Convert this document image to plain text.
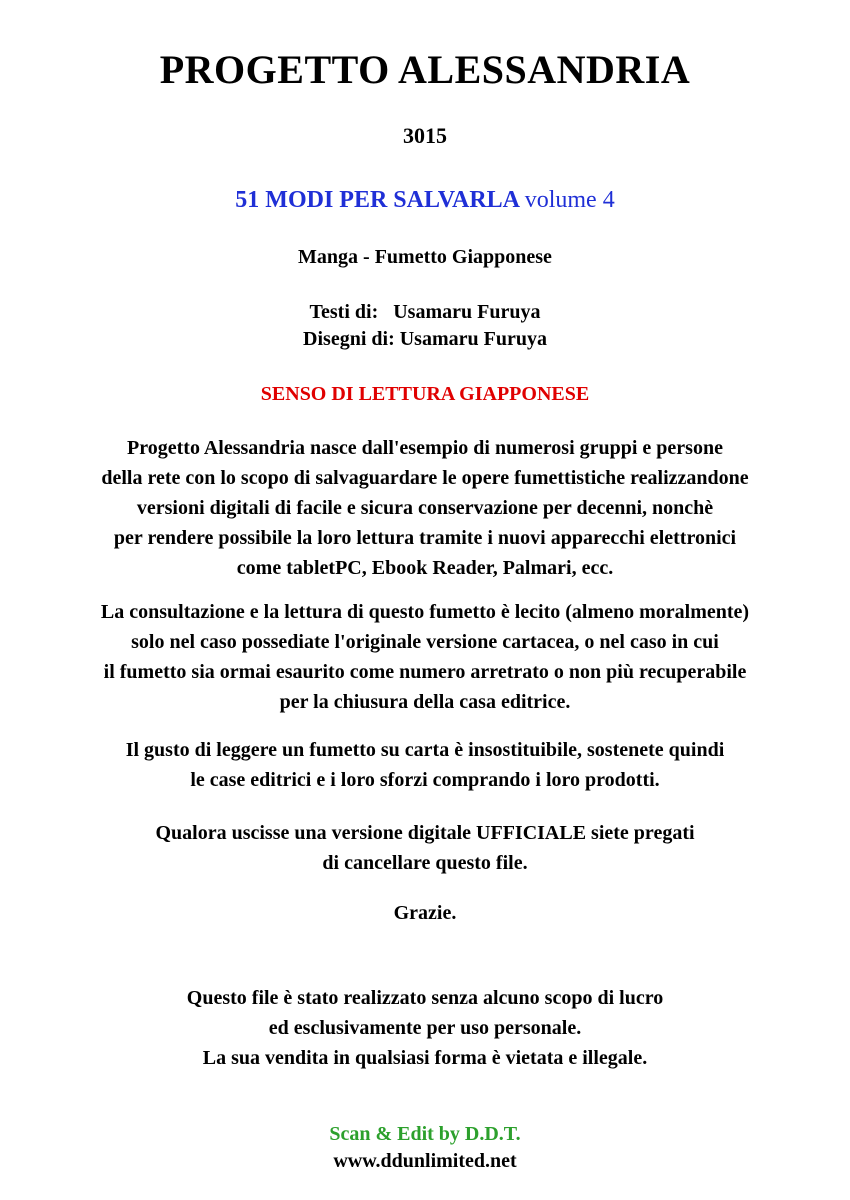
PROGETTO ALESSANDRIA
3015
51 MODI PER SALVARLA volume 4
Manga - Fumetto Giapponese
Testi di:   Usamaru Furuya
Disegni di: Usamaru Furuya
SENSO DI LETTURA GIAPPONESE
Progetto Alessandria nasce dall'esempio di numerosi gruppi e persone
della rete con lo scopo di salvaguardare le opere fumettistiche realizzandone
versioni digitali di facile e sicura conservazione per decenni, nonchè
per rendere possibile la loro lettura tramite i nuovi apparecchi elettronici
come tabletPC, Ebook Reader, Palmari, ecc.
La consultazione e la lettura di questo fumetto è lecito (almeno moralmente)
solo nel caso possediate l'originale versione cartacea, o nel caso in cui
il fumetto sia ormai esaurito come numero arretrato o non più recuperabile
per la chiusura della casa editrice.
Il gusto di leggere un fumetto su carta è insostituibile, sostenete quindi
le case editrici e i loro sforzi comprando i loro prodotti.
Qualora uscisse una versione digitale UFFICIALE siete pregati
di cancellare questo file.
Grazie.
Questo file è stato realizzato senza alcuno scopo di lucro
ed esclusivamente per uso personale.
La sua vendita in qualsiasi forma è vietata e illegale.
Scan & Edit by D.D.T.
www.ddunlimited.net
